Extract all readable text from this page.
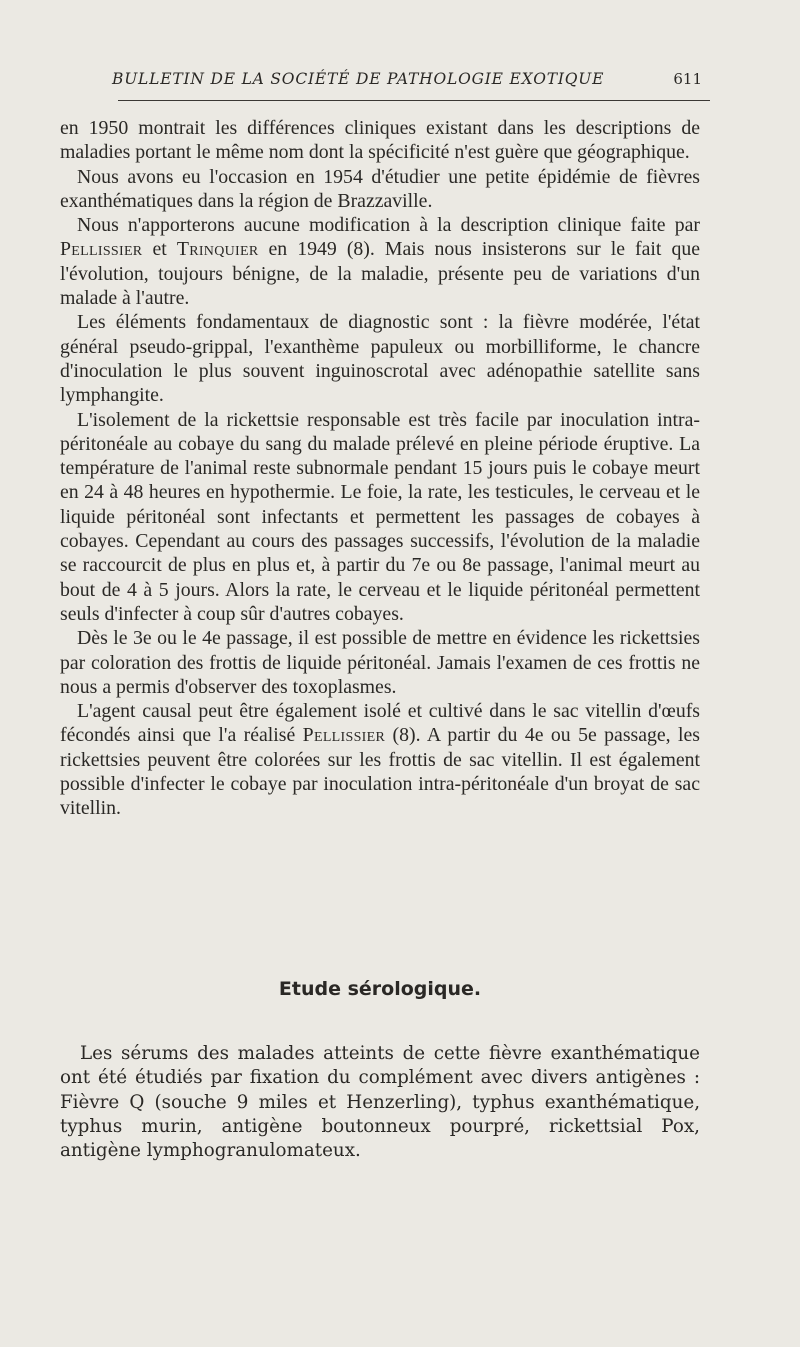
BULLETIN DE LA SOCIÉTÉ DE PATHOLOGIE EXOTIQUE	611

en 1950 montrait les différences cliniques existant dans les descriptions de maladies portant le même nom dont la spécificité n'est guère que géographique.

Nous avons eu l'occasion en 1954 d'étudier une petite épidémie de fièvres exanthématiques dans la région de Brazzaville.

Nous n'apporterons aucune modification à la description clinique faite par Pellissier et Trinquier en 1949 (8). Mais nous insisterons sur le fait que l'évolution, toujours bénigne, de la maladie, présente peu de variations d'un malade à l'autre.

Les éléments fondamentaux de diagnostic sont : la fièvre modérée, l'état général pseudo-grippal, l'exanthème papuleux ou morbilliforme, le chancre d'inoculation le plus souvent inguinoscrotal avec adénopathie satellite sans lymphangite.

L'isolement de la rickettsie responsable est très facile par inoculation intra-péritonéale au cobaye du sang du malade prélevé en pleine période éruptive. La température de l'animal reste subnormale pendant 15 jours puis le cobaye meurt en 24 à 48 heures en hypothermie. Le foie, la rate, les testicules, le cerveau et le liquide péritonéal sont infectants et permettent les passages de cobayes à cobayes. Cependant au cours des passages successifs, l'évolution de la maladie se raccourcit de plus en plus et, à partir du 7e ou 8e passage, l'animal meurt au bout de 4 à 5 jours. Alors la rate, le cerveau et le liquide péritonéal permettent seuls d'infecter à coup sûr d'autres cobayes.

Dès le 3e ou le 4e passage, il est possible de mettre en évidence les rickettsies par coloration des frottis de liquide péritonéal. Jamais l'examen de ces frottis ne nous a permis d'observer des toxoplasmes.

L'agent causal peut être également isolé et cultivé dans le sac vitellin d'œufs fécondés ainsi que l'a réalisé Pellissier (8). A partir du 4e ou 5e passage, les rickettsies peuvent être colorées sur les frottis de sac vitellin. Il est également possible d'infecter le cobaye par inoculation intra-péritonéale d'un broyat de sac vitellin.

Etude sérologique.

Les sérums des malades atteints de cette fièvre exanthématique ont été étudiés par fixation du complément avec divers antigènes : Fièvre Q (souche 9 miles et Henzerling), typhus exanthématique, typhus murin, antigène boutonneux pourpré, rickettsial Pox, antigène lymphogranulomateux.
